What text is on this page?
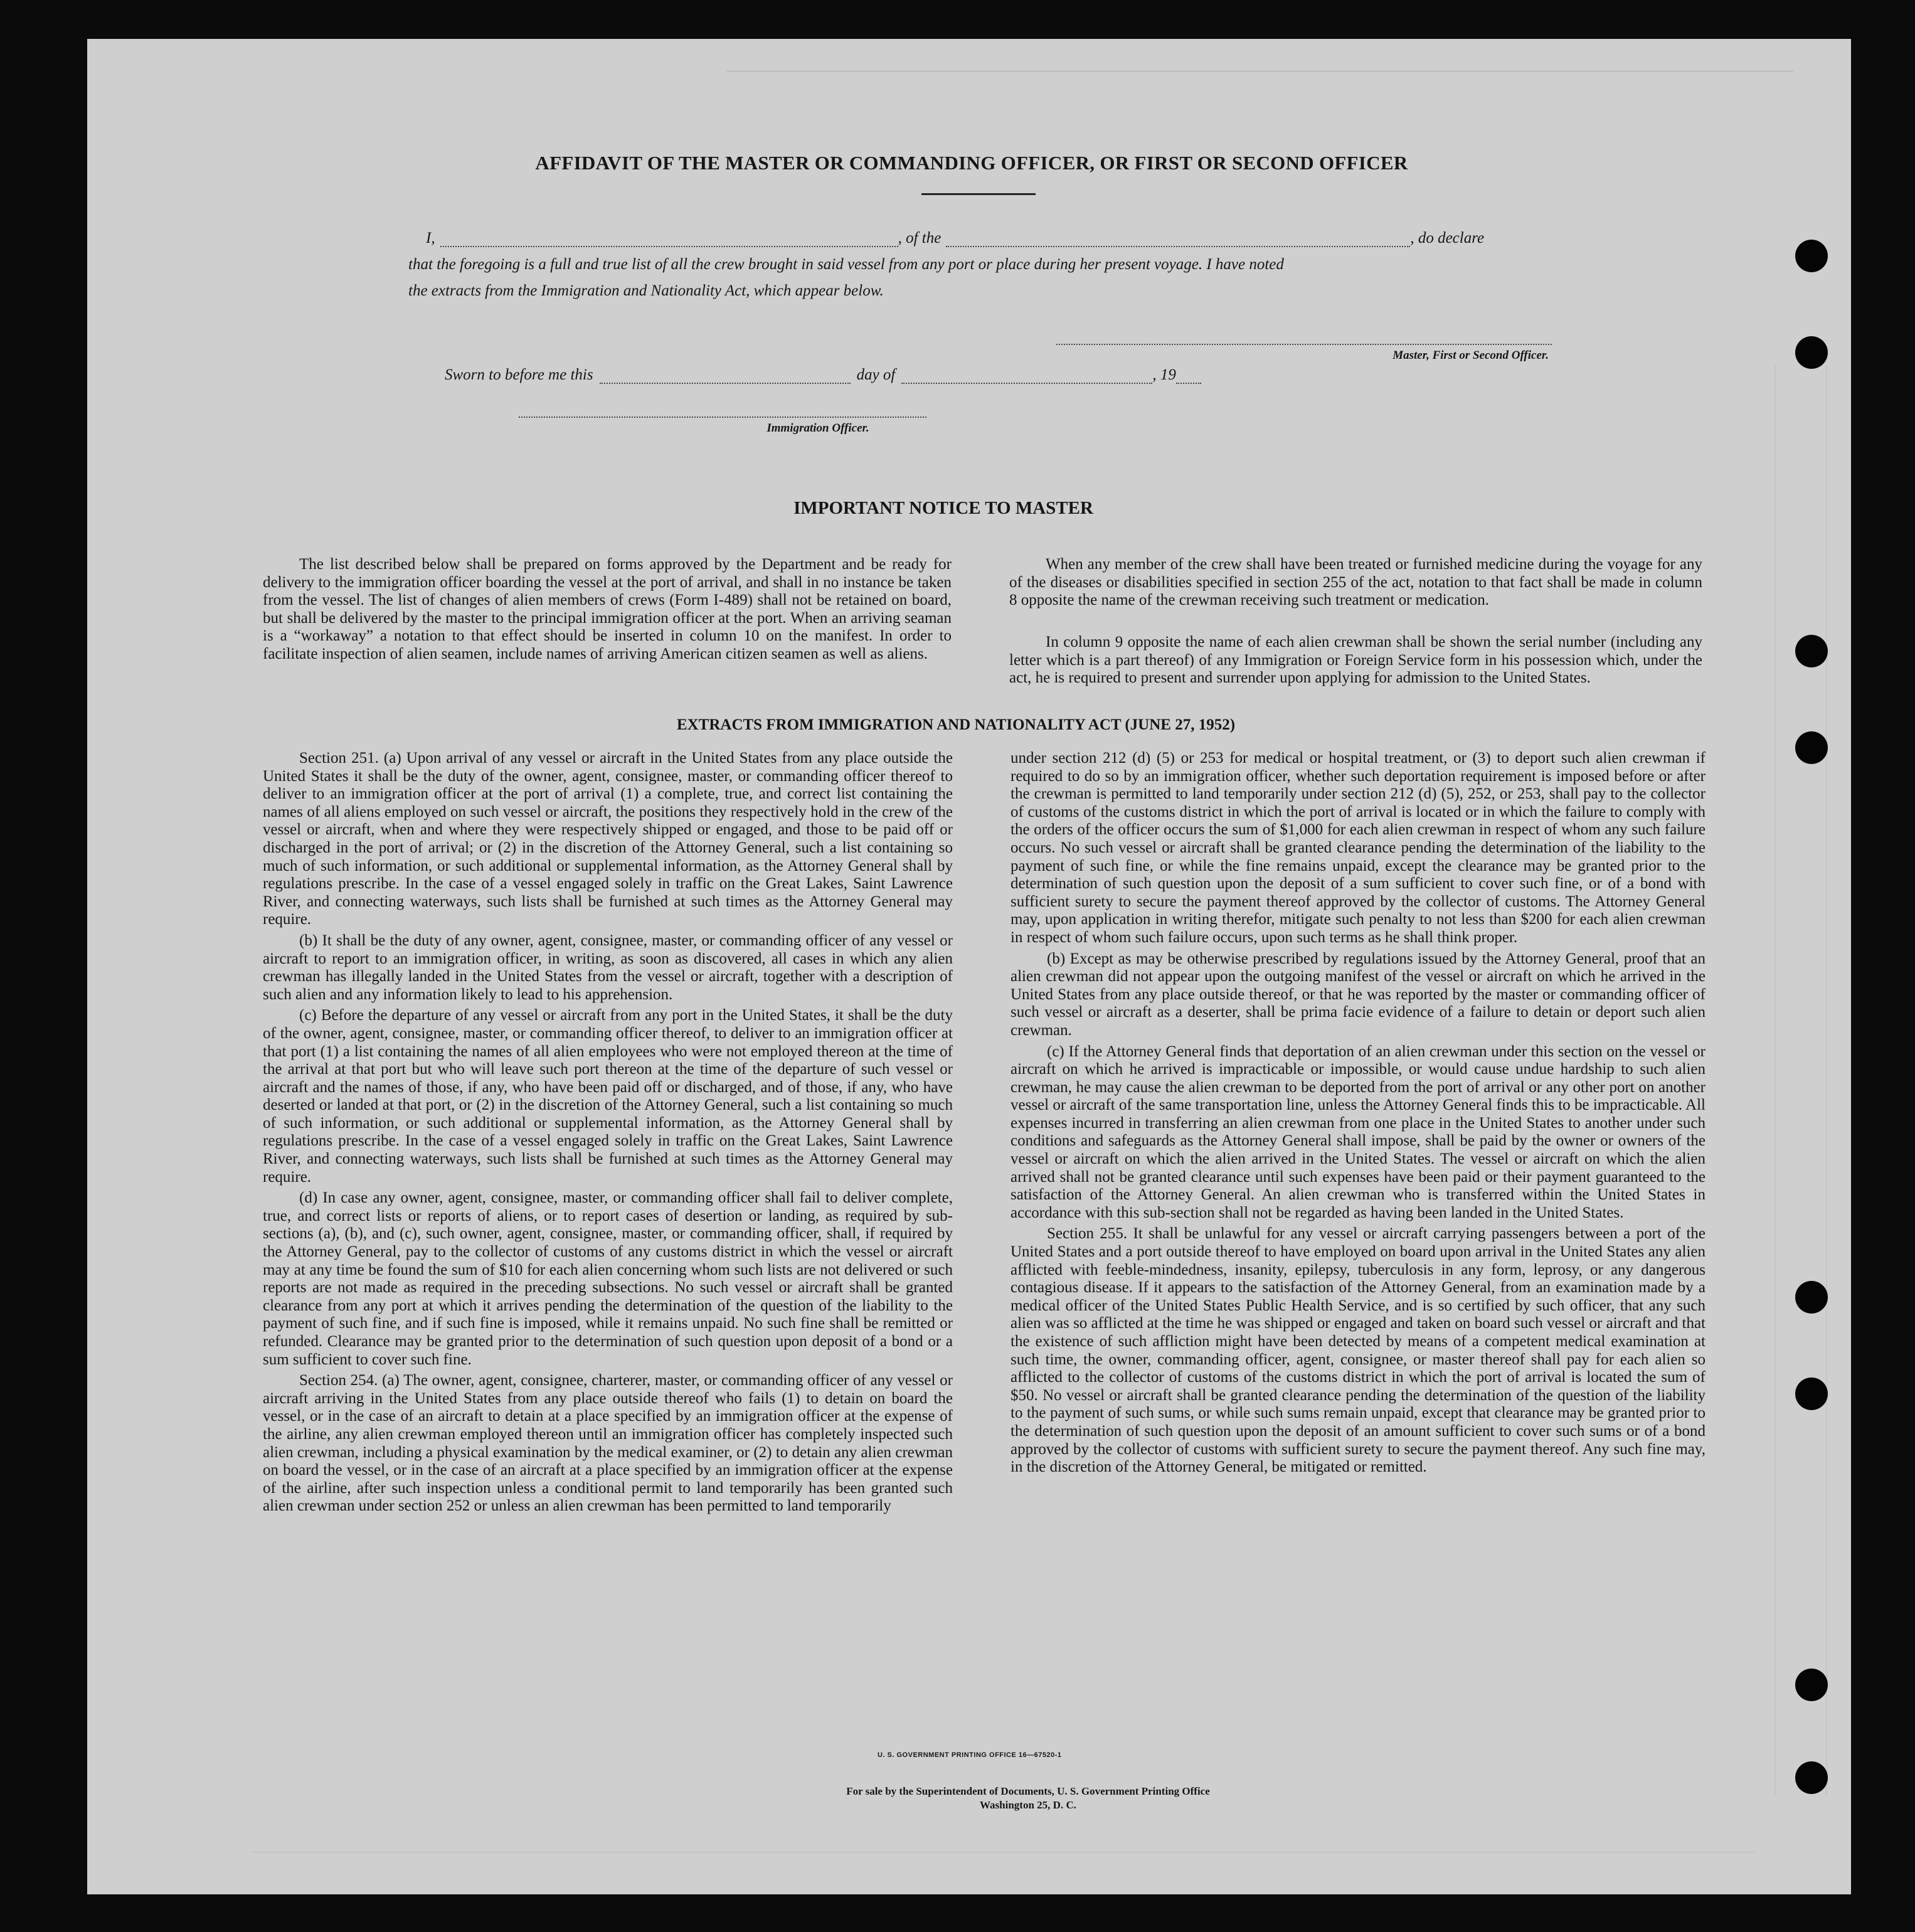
AFFIDAVIT OF THE MASTER OR COMMANDING OFFICER, OR FIRST OR SECOND OFFICER
I,	, of the	, do declare
that the foregoing is a full and true list of all the crew brought in said vessel from any port or place during her present voyage. I have noted
the extracts from the Immigration and Nationality Act, which appear below.
Master, First or Second Officer.
Sworn to before me this	day of	, 19
Immigration Officer.
IMPORTANT NOTICE TO MASTER

The list described below shall be prepared on forms approved by the Department and be ready for delivery to the immigration officer boarding the vessel at the port of arrival, and shall in no instance be taken from the vessel. The list of changes of alien members of crews (Form I-489) shall not be retained on board, but shall be delivered by the master to the principal immigration officer at the port. When an arriving seaman is a “workaway” a notation to that effect should be inserted in column 10 on the manifest. In order to facilitate inspection of alien seamen, include names of arriving American citizen seamen as well as aliens.

When any member of the crew shall have been treated or furnished medicine during the voyage for any of the diseases or disabilities specified in section 255 of the act, notation to that fact shall be made in column 8 opposite the name of the crewman receiving such treatment or medication.

In column 9 opposite the name of each alien crewman shall be shown the serial number (including any letter which is a part thereof) of any Immigration or Foreign Service form in his possession which, under the act, he is required to present and surrender upon applying for admission to the United States.

EXTRACTS FROM IMMIGRATION AND NATIONALITY ACT (JUNE 27, 1952)

Section 251. (a) Upon arrival of any vessel or aircraft in the United States from any place outside the United States it shall be the duty of the owner, agent, consignee, master, or commanding officer thereof to deliver to an immigration officer at the port of arrival (1) a complete, true, and correct list containing the names of all aliens employed on such vessel or aircraft, the positions they respectively hold in the crew of the vessel or aircraft, when and where they were respectively shipped or engaged, and those to be paid off or discharged in the port of arrival; or (2) in the discretion of the Attorney General, such a list containing so much of such information, or such additional or supplemental information, as the Attorney General shall by regulations prescribe. In the case of a vessel engaged solely in traffic on the Great Lakes, Saint Lawrence River, and connecting waterways, such lists shall be furnished at such times as the Attorney General may require.

(b) It shall be the duty of any owner, agent, consignee, master, or commanding officer of any vessel or aircraft to report to an immigration officer, in writing, as soon as discovered, all cases in which any alien crewman has illegally landed in the United States from the vessel or aircraft, together with a description of such alien and any information likely to lead to his apprehension.

(c) Before the departure of any vessel or aircraft from any port in the United States, it shall be the duty of the owner, agent, consignee, master, or commanding officer thereof, to deliver to an immigration officer at that port (1) a list containing the names of all alien employees who were not employed thereon at the time of the arrival at that port but who will leave such port thereon at the time of the departure of such vessel or aircraft and the names of those, if any, who have been paid off or discharged, and of those, if any, who have deserted or landed at that port, or (2) in the discretion of the Attorney General, such a list containing so much of such information, or such additional or supplemental information, as the Attorney General shall by regulations prescribe. In the case of a vessel engaged solely in traffic on the Great Lakes, Saint Lawrence River, and connecting waterways, such lists shall be furnished at such times as the Attorney General may require.

(d) In case any owner, agent, consignee, master, or commanding officer shall fail to deliver complete, true, and correct lists or reports of aliens, or to report cases of desertion or landing, as required by sub-sections (a), (b), and (c), such owner, agent, consignee, master, or commanding officer, shall, if required by the Attorney General, pay to the collector of customs of any customs district in which the vessel or aircraft may at any time be found the sum of $10 for each alien concerning whom such lists are not delivered or such reports are not made as required in the preceding subsections. No such vessel or aircraft shall be granted clearance from any port at which it arrives pending the determination of the question of the liability to the payment of such fine, and if such fine is imposed, while it remains unpaid. No such fine shall be remitted or refunded. Clearance may be granted prior to the determination of such question upon deposit of a bond or a sum sufficient to cover such fine.

Section 254. (a) The owner, agent, consignee, charterer, master, or commanding officer of any vessel or aircraft arriving in the United States from any place outside thereof who fails (1) to detain on board the vessel, or in the case of an aircraft to detain at a place specified by an immigration officer at the expense of the airline, any alien crewman employed thereon until an immigration officer has completely inspected such alien crewman, including a physical examination by the medical examiner, or (2) to detain any alien crewman on board the vessel, or in the case of an aircraft at a place specified by an immigration officer at the expense of the airline, after such inspection unless a conditional permit to land temporarily has been granted such alien crewman under section 252 or unless an alien crewman has been permitted to land temporarily

under section 212 (d) (5) or 253 for medical or hospital treatment, or (3) to deport such alien crewman if required to do so by an immigration officer, whether such deportation requirement is imposed before or after the crewman is permitted to land temporarily under section 212 (d) (5), 252, or 253, shall pay to the collector of customs of the customs district in which the port of arrival is located or in which the failure to comply with the orders of the officer occurs the sum of $1,000 for each alien crewman in respect of whom any such failure occurs. No such vessel or aircraft shall be granted clearance pending the determination of the liability to the payment of such fine, or while the fine remains unpaid, except the clearance may be granted prior to the determination of such question upon the deposit of a sum sufficient to cover such fine, or of a bond with sufficient surety to secure the payment thereof approved by the collector of customs. The Attorney General may, upon application in writing therefor, mitigate such penalty to not less than $200 for each alien crewman in respect of whom such failure occurs, upon such terms as he shall think proper.

(b) Except as may be otherwise prescribed by regulations issued by the Attorney General, proof that an alien crewman did not appear upon the outgoing manifest of the vessel or aircraft on which he arrived in the United States from any place outside thereof, or that he was reported by the master or commanding officer of such vessel or aircraft as a deserter, shall be prima facie evidence of a failure to detain or deport such alien crewman.

(c) If the Attorney General finds that deportation of an alien crewman under this section on the vessel or aircraft on which he arrived is impracticable or impossible, or would cause undue hardship to such alien crewman, he may cause the alien crewman to be deported from the port of arrival or any other port on another vessel or aircraft of the same transportation line, unless the Attorney General finds this to be impracticable. All expenses incurred in transferring an alien crewman from one place in the United States to another under such conditions and safeguards as the Attorney General shall impose, shall be paid by the owner or owners of the vessel or aircraft on which the alien arrived in the United States. The vessel or aircraft on which the alien arrived shall not be granted clearance until such expenses have been paid or their payment guaranteed to the satisfaction of the Attorney General. An alien crewman who is transferred within the United States in accordance with this sub-section shall not be regarded as having been landed in the United States.

Section 255. It shall be unlawful for any vessel or aircraft carrying passengers between a port of the United States and a port outside thereof to have employed on board upon arrival in the United States any alien afflicted with feeble-mindedness, insanity, epilepsy, tuberculosis in any form, leprosy, or any dangerous contagious disease. If it appears to the satisfaction of the Attorney General, from an examination made by a medical officer of the United States Public Health Service, and is so certified by such officer, that any such alien was so afflicted at the time he was shipped or engaged and taken on board such vessel or aircraft and that the existence of such affliction might have been detected by means of a competent medical examination at such time, the owner, commanding officer, agent, consignee, or master thereof shall pay for each alien so afflicted to the collector of customs of the customs district in which the port of arrival is located the sum of $50. No vessel or aircraft shall be granted clearance pending the determination of the question of the liability to the payment of such sums, or while such sums remain unpaid, except that clearance may be granted prior to the determination of such question upon the deposit of an amount sufficient to cover such sums or of a bond approved by the collector of customs with sufficient surety to secure the payment thereof. Any such fine may, in the discretion of the Attorney General, be mitigated or remitted.

U. S. GOVERNMENT PRINTING OFFICE 16—67520-1
For sale by the Superintendent of Documents, U. S. Government Printing Office
Washington 25, D. C.
